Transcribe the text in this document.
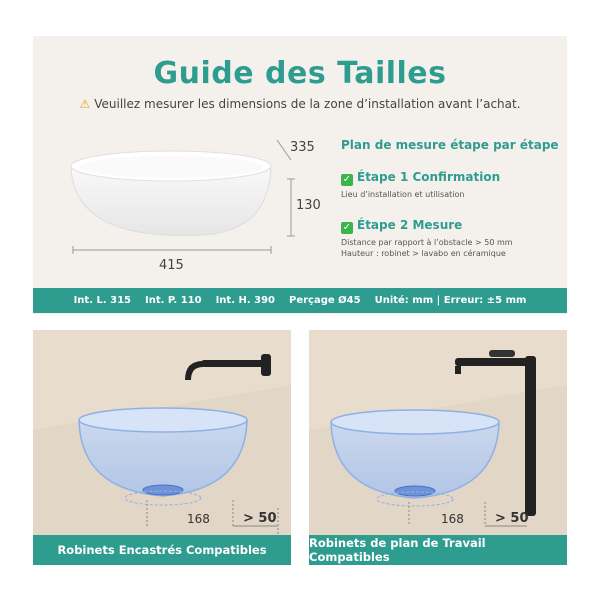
Guide des Tailles
⚠ Veuillez mesurer les dimensions de la zone d’installation avant l’achat.
415
130
335 Plan de mesure étape par étape
✓ Étape 1 Confirmation
Lieu d’installation et utilisation
✓ Étape 2 Mesure
Distance par rapport à l’obstacle > 50 mm
Hauteur : robinet > lavabo en céramique
Int. L. 315 Int. P. 110 Int. H. 390 Perçage Ø45 Unité: mm | Erreur: ±5 mm
168	> 50
Robinets Encastrés Compatibles
168 > 50
Robinets de plan de Travail Compatibles
